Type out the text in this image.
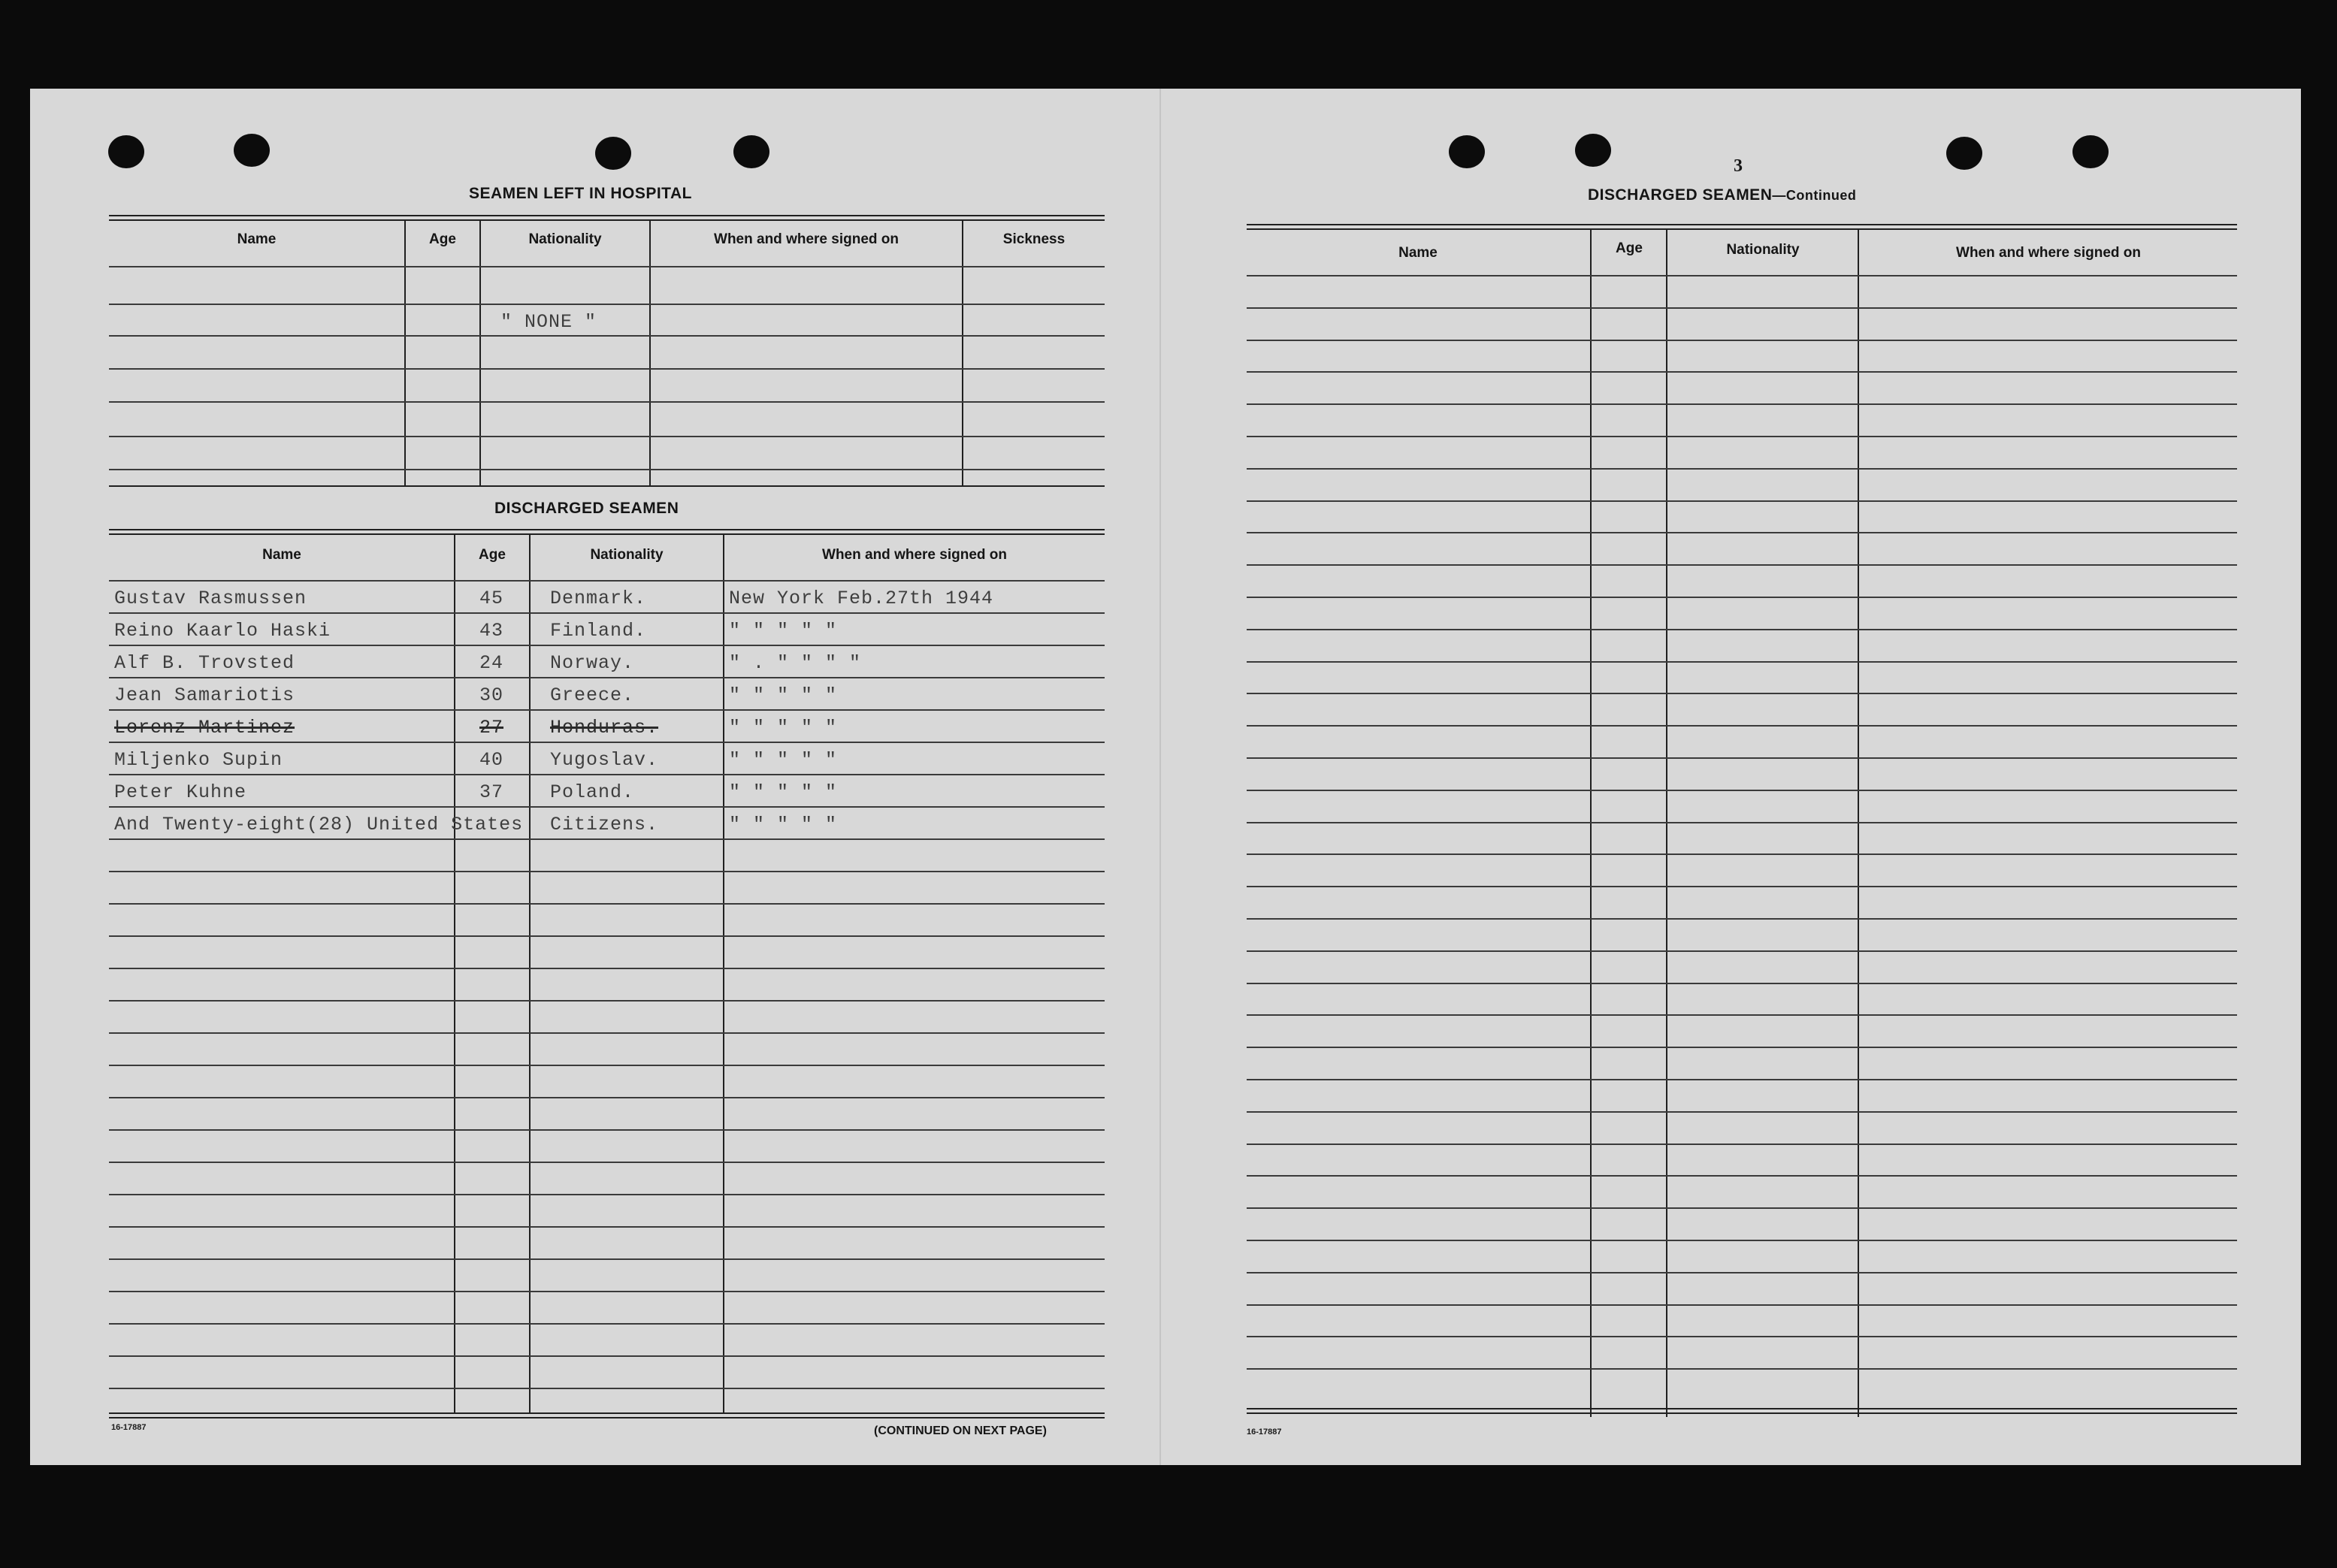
SEAMEN LEFT IN HOSPITAL
Name	Age	Nationality	When and where signed on	Sickness
" NONE "
DISCHARGED SEAMEN
Name	Age	Nationality	When and where signed on
Gustav Rasmussen	45 Denmark.	New York Feb.27th 1944
Reino Kaarlo Haski	43 Finland.	" " " " "
Alf B. Trovsted	24 Norway.	" . " " " "
Jean Samariotis	30 Greece.	" " " " "
Lorenz Martinez	27 Honduras.	" " " " "
Miljenko Supin	40 Yugoslav.	" " " " "
Peter Kuhne	37 Poland.	" " " " "
And Twenty-eight(28) United States Citizens.	" " " " "
16-17887	(CONTINUED ON NEXT PAGE)
3
DISCHARGED SEAMEN—Continued
Name	Age	Nationality	When and where signed on
16-17887
